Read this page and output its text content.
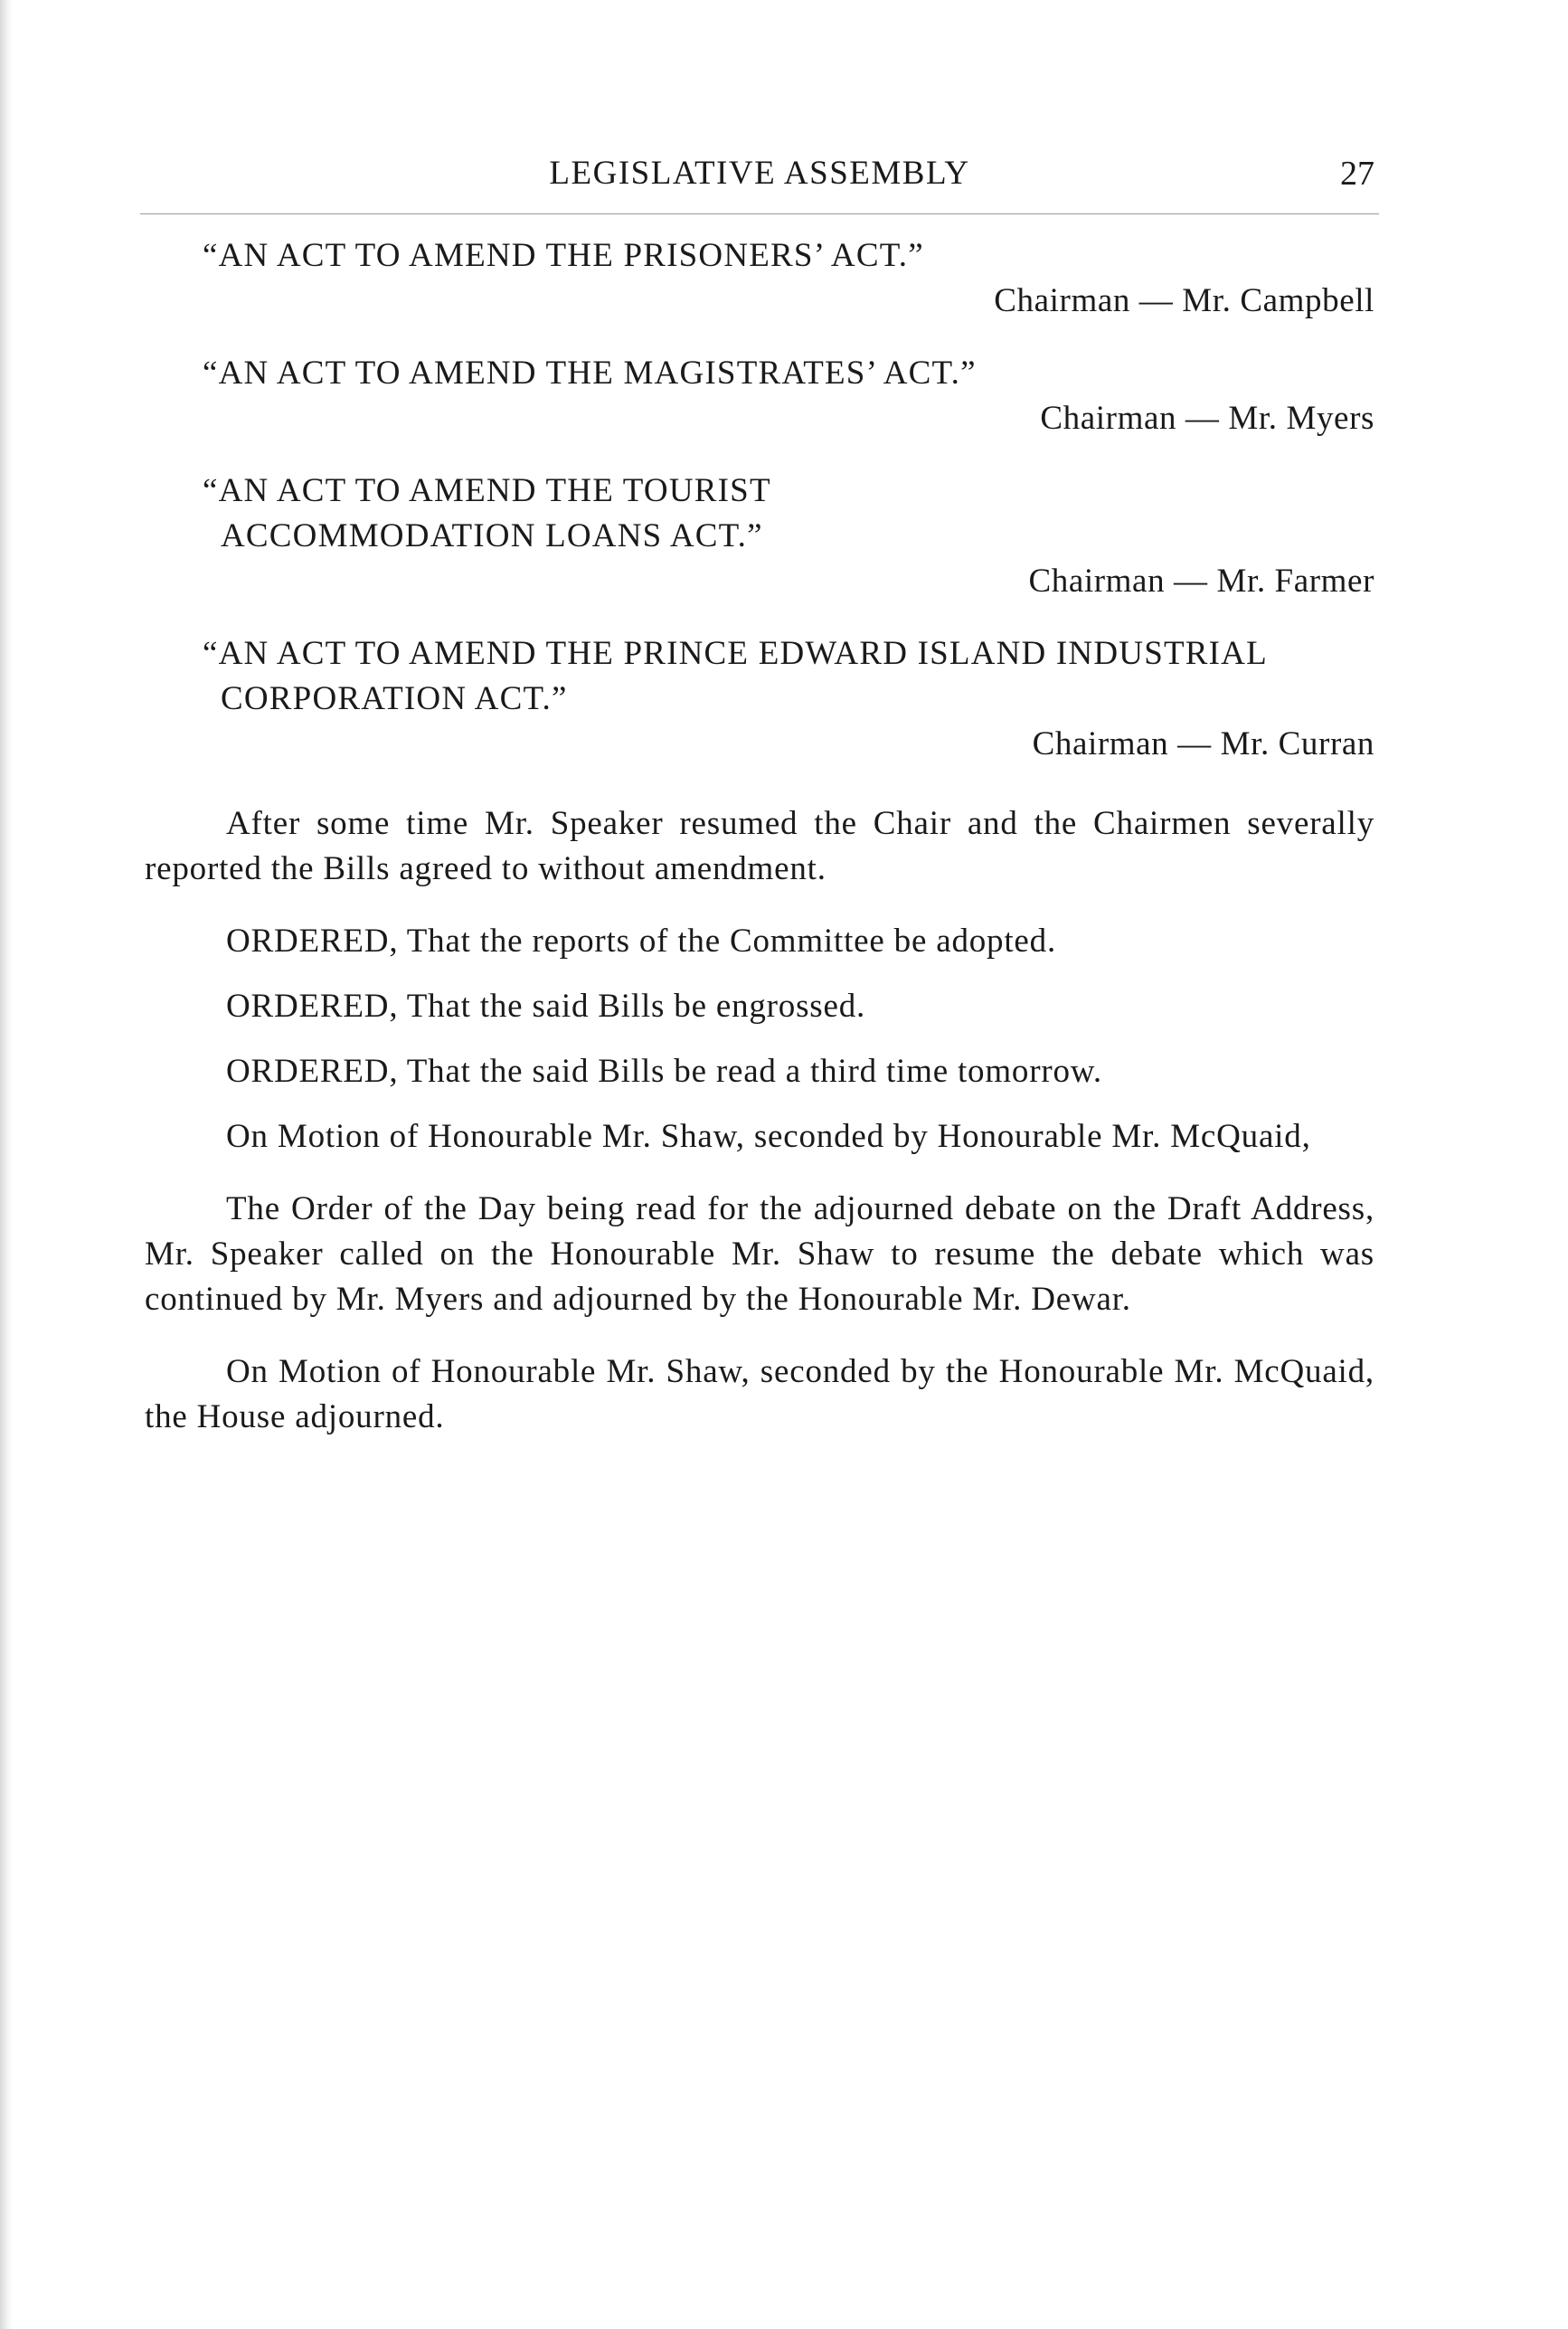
LEGISLATIVE ASSEMBLY	27

“AN ACT TO AMEND THE PRISONERS’ ACT.”

Chairman — Mr. Campbell

“AN ACT TO AMEND THE MAGISTRATES’ ACT.”

Chairman — Mr. Myers

“AN ACT TO AMEND THE TOURIST ACCOMMODATION LOANS ACT.”

Chairman — Mr. Farmer

“AN ACT TO AMEND THE PRINCE EDWARD ISLAND INDUSTRIAL CORPORATION ACT.”

Chairman — Mr. Curran

After some time Mr. Speaker resumed the Chair and the Chairmen severally reported the Bills agreed to without amendment.

ORDERED, That the reports of the Committee be adopted.

ORDERED, That the said Bills be engrossed.

ORDERED, That the said Bills be read a third time tomorrow.

On Motion of Honourable Mr. Shaw, seconded by Honourable Mr. McQuaid,

The Order of the Day being read for the adjourned debate on the Draft Address, Mr. Speaker called on the Honourable Mr. Shaw to resume the debate which was continued by Mr. Myers and adjourned by the Honourable Mr. Dewar.

On Motion of Honourable Mr. Shaw, seconded by the Honourable Mr. McQuaid, the House adjourned.
